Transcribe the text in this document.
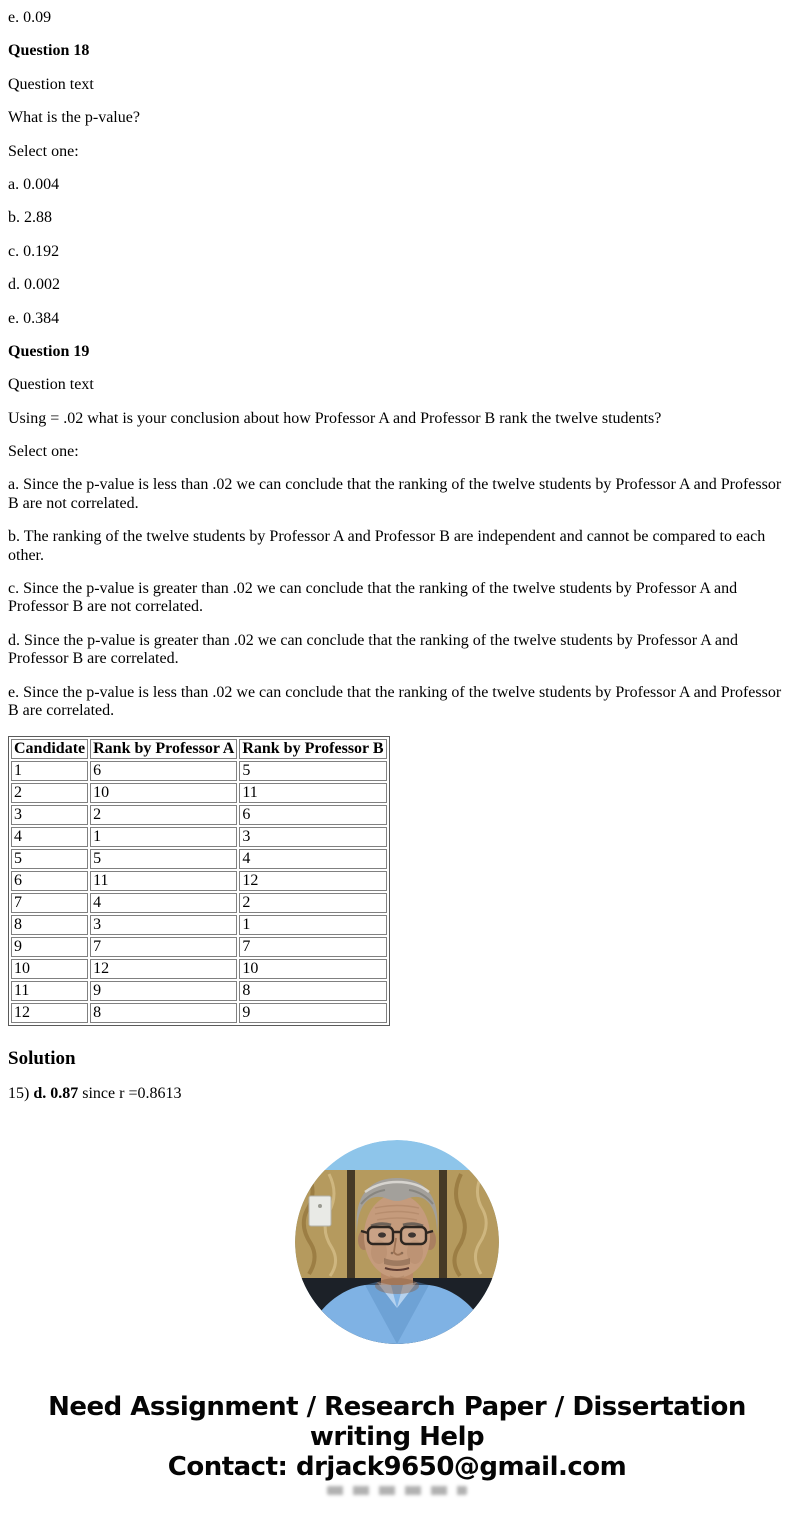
e. 0.09

Question 18

Question text

What is the p-value?

Select one:

a. 0.004

b. 2.88

c. 0.192

d. 0.002

e. 0.384

Question 19

Question text

Using = .02 what is your conclusion about how Professor A and Professor B rank the twelve students?

Select one:

a. Since the p-value is less than .02 we can conclude that the ranking of the twelve students by Professor A and Professor B are not correlated.

b. The ranking of the twelve students by Professor A and Professor B are independent and cannot be compared to each other.

c. Since the p-value is greater than .02 we can conclude that the ranking of the twelve students by Professor A and Professor B are not correlated.

d. Since the p-value is greater than .02 we can conclude that the ranking of the twelve students by Professor A and Professor B are correlated.

e. Since the p-value is less than .02 we can conclude that the ranking of the twelve students by Professor A and Professor B are correlated.

Candidate	Rank by Professor A	Rank by Professor B
1	6	5
2	10	11
3	2	6
4	1	3
5	5	4
6	11	12
7	4	2
8	3	1
9	7	7
10	12	10
11	9	8
12	8	9
Solution

15) d. 0.87 since r =0.8613

Need Assignment / Research Paper / Dissertation writing Help
Contact: drjack9650@gmail.com
